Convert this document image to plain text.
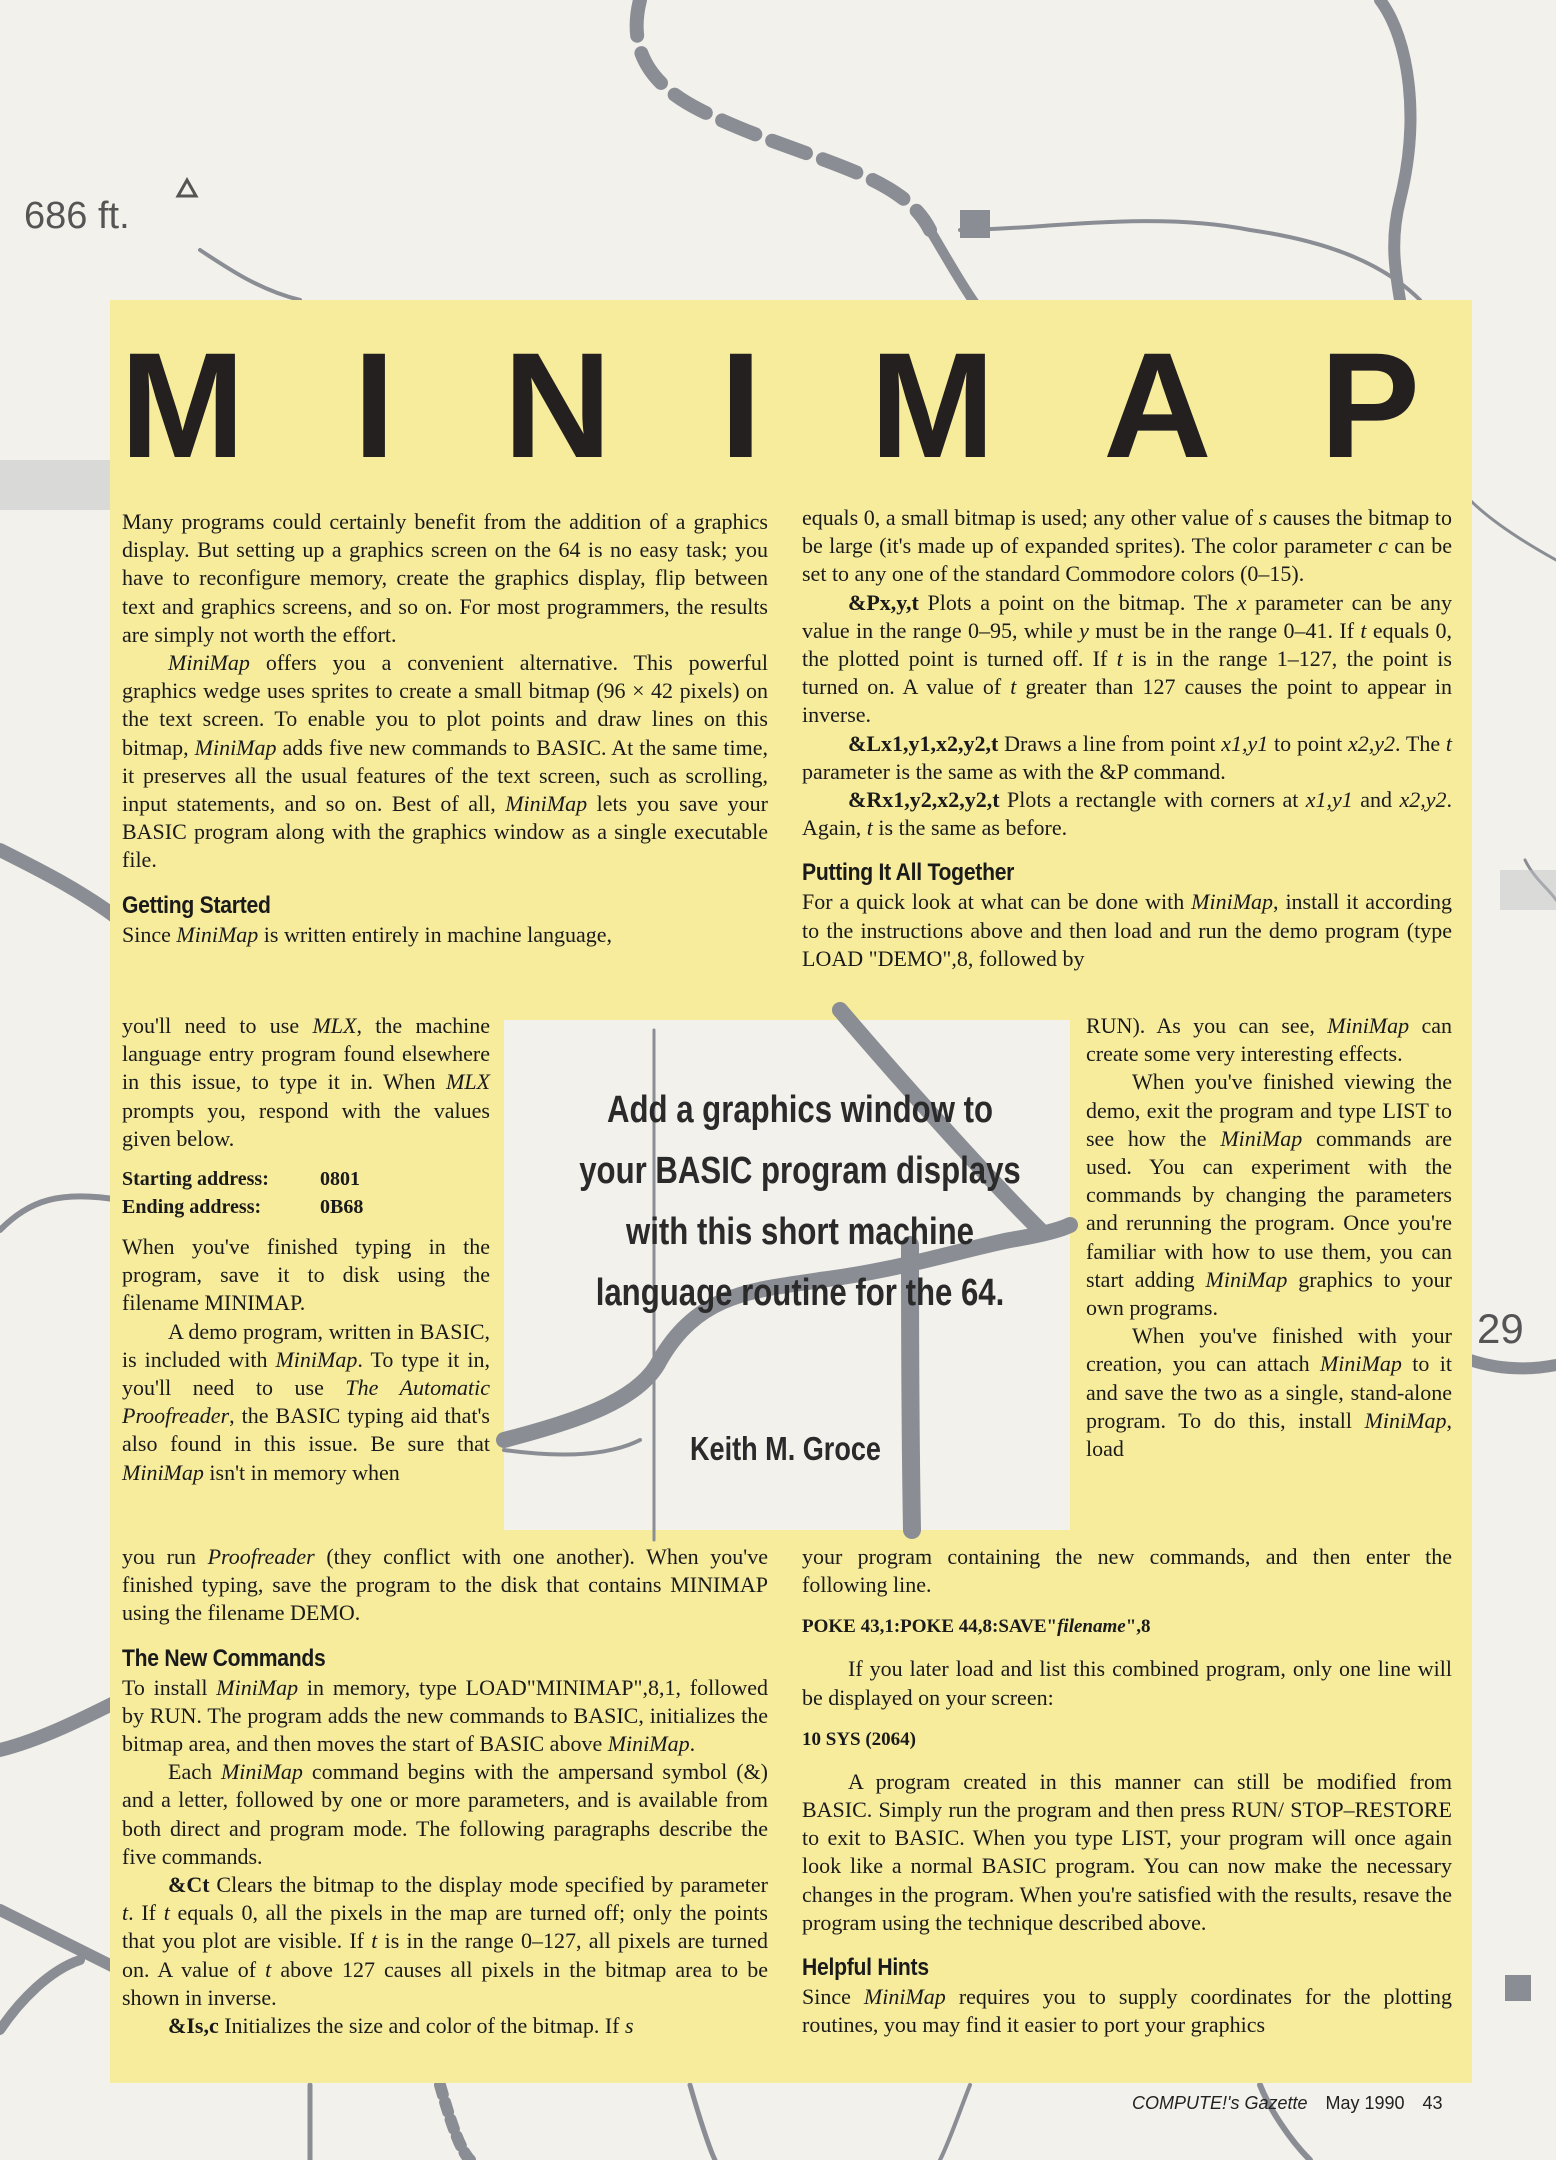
686 ft.
29
M I N I M A P

Many programs could certainly benefit from the addition of a graphics display. But setting up a graphics screen on the 64 is no easy task; you have to reconfigure memory, create the graphics display, flip between text and graphics screens, and so on. For most programmers, the results are simply not worth the effort.

MiniMap offers you a convenient alternative. This powerful graphics wedge uses sprites to create a small bitmap (96 × 42 pixels) on the text screen. To enable you to plot points and draw lines on this bitmap, MiniMap adds five new commands to BASIC. At the same time, it preserves all the usual features of the text screen, such as scrolling, input statements, and so on. Best of all, MiniMap lets you save your BASIC program along with the graphics window as a single executable file.

Getting Started

Since MiniMap is written entirely in machine language,

you'll need to use MLX, the machine language entry program found elsewhere in this issue, to type it in. When MLX prompts you, respond with the values given below.

Starting address:	0801
Ending address:	0B68

When you've finished typing in the program, save it to disk using the filename MINIMAP.

A demo program, written in BASIC, is included with MiniMap. To type it in, you'll need to use The Automatic Proofreader, the BASIC typing aid that's also found in this issue. Be sure that MiniMap isn't in memory when

you run Proofreader (they conflict with one another). When you've finished typing, save the program to the disk that contains MINIMAP using the filename DEMO.

The New Commands

To install MiniMap in memory, type LOAD"MINIMAP",8,1, followed by RUN. The program adds the new commands to BASIC, initializes the bitmap area, and then moves the start of BASIC above MiniMap.

Each MiniMap command begins with the ampersand symbol (&) and a letter, followed by one or more parameters, and is available from both direct and program mode. The following paragraphs describe the five commands.

&Ct Clears the bitmap to the display mode specified by parameter t. If t equals 0, all the pixels in the map are turned off; only the points that you plot are visible. If t is in the range 0–127, all pixels are turned on. A value of t above 127 causes all pixels in the bitmap area to be shown in inverse.

&Is,c Initializes the size and color of the bitmap. If s

equals 0, a small bitmap is used; any other value of s causes the bitmap to be large (it's made up of expanded sprites). The color parameter c can be set to any one of the standard Commodore colors (0–15).

&Px,y,t Plots a point on the bitmap. The x parameter can be any value in the range 0–95, while y must be in the range 0–41. If t equals 0, the plotted point is turned off. If t is in the range 1–127, the point is turned on. A value of t greater than 127 causes the point to appear in inverse.

&Lx1,y1,x2,y2,t Draws a line from point x1,y1 to point x2,y2. The t parameter is the same as with the &P command.

&Rx1,y2,x2,y2,t Plots a rectangle with corners at x1,y1 and x2,y2. Again, t is the same as before.

Putting It All Together

For a quick look at what can be done with MiniMap, install it according to the instructions above and then load and run the demo program (type LOAD "DEMO",8, followed by

RUN). As you can see, MiniMap can create some very interesting effects.

When you've finished viewing the demo, exit the program and type LIST to see how the MiniMap commands are used. You can experiment with the commands by changing the parameters and rerunning the program. Once you're familiar with how to use them, you can start adding MiniMap graphics to your own programs.

When you've finished with your creation, you can attach MiniMap to it and save the two as a single, stand-alone program. To do this, install MiniMap, load

your program containing the new commands, and then enter the following line.

POKE 43,1:POKE 44,8:SAVE"filename",8

If you later load and list this combined program, only one line will be displayed on your screen:

10 SYS (2064)

A program created in this manner can still be modified from BASIC. Simply run the program and then press RUN/ STOP–RESTORE to exit to BASIC. When you type LIST, your program will once again look like a normal BASIC program. You can now make the necessary changes in the program. When you're satisfied with the results, resave the program using the technique described above.

Helpful Hints

Since MiniMap requires you to supply coordinates for the plotting routines, you may find it easier to port your graphics

Add a graphics window to
your BASIC program displays
with this short machine
language routine for the 64.
Keith M. Groce
COMPUTE!'s Gazette May 1990 43
